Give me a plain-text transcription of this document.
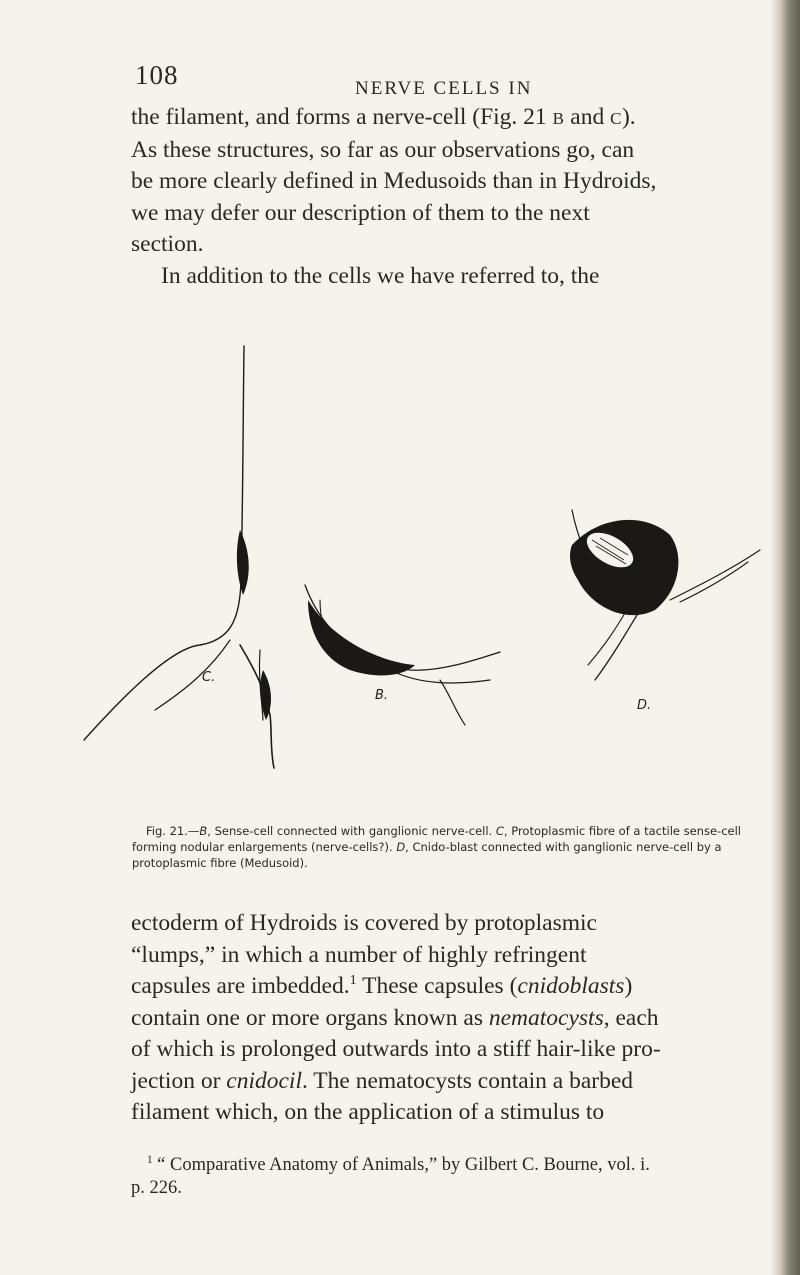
108	NERVE CELLS IN

the filament, and forms a nerve-cell (Fig. 21 B and C).
As these structures, so far as our observations go, can
be more clearly defined in Medusoids than in Hydroids,
we may defer our description of them to the next
section.
In addition to the cells we have referred to, the

C.
B.
D.
Fig. 21.—B, Sense-cell connected with ganglionic nerve-cell. C, Protoplasmic fibre of a tactile sense-cell forming nodular enlargements (nerve-cells?). D, Cnido-blast connected with ganglionic nerve-cell by a protoplasmic fibre (Medusoid).

ectoderm of Hydroids is covered by protoplasmic
“lumps,” in which a number of highly refringent
capsules are imbedded.$^1$ These capsules (cnidoblasts)
contain one or more organs known as nematocysts, each
of which is prolonged outwards into a stiff hair-like pro-
jection or cnidocil. The nematocysts contain a barbed
filament which, on the application of a stimulus to

$^1$ “ Comparative Anatomy of Animals,” by Gilbert C. Bourne, vol. i.
p. 226.
